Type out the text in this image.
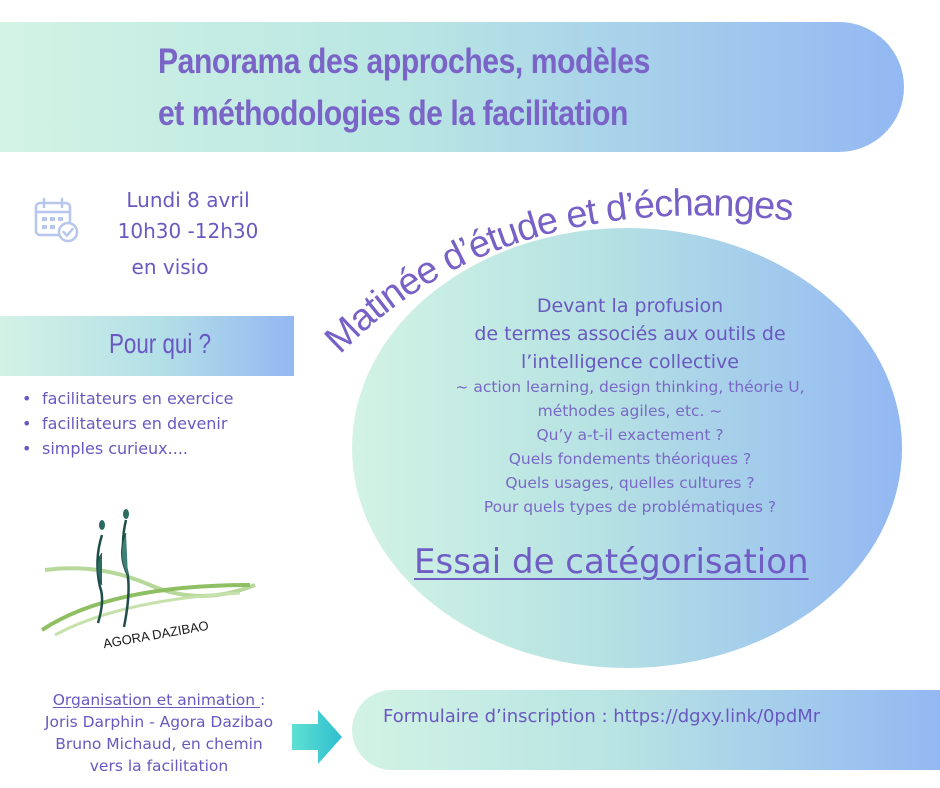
Panorama des approches, modèles
et méthodologies de la facilitation
Lundi 8 avril
10h30 -12h30
en visio
Pour qui ?
• facilitateurs en exercice
• facilitateurs en devenir
• simples curieux....
AGORA DAZIBAO
Matinée d’étude et d’échanges
Devant la profusion
de termes associés aux outils de
l’intelligence collective
~ action learning, design thinking, théorie U,
méthodes agiles, etc. ~
Qu’y a-t-il exactement ?
Quels fondements théoriques ?
Quels usages, quelles cultures ?
Pour quels types de problématiques ?
Essai de catégorisation
Organisation et animation :
Joris Darphin - Agora Dazibao
Bruno Michaud, en chemin
vers la facilitation
Formulaire d’inscription : https://dgxy.link/0pdMr
